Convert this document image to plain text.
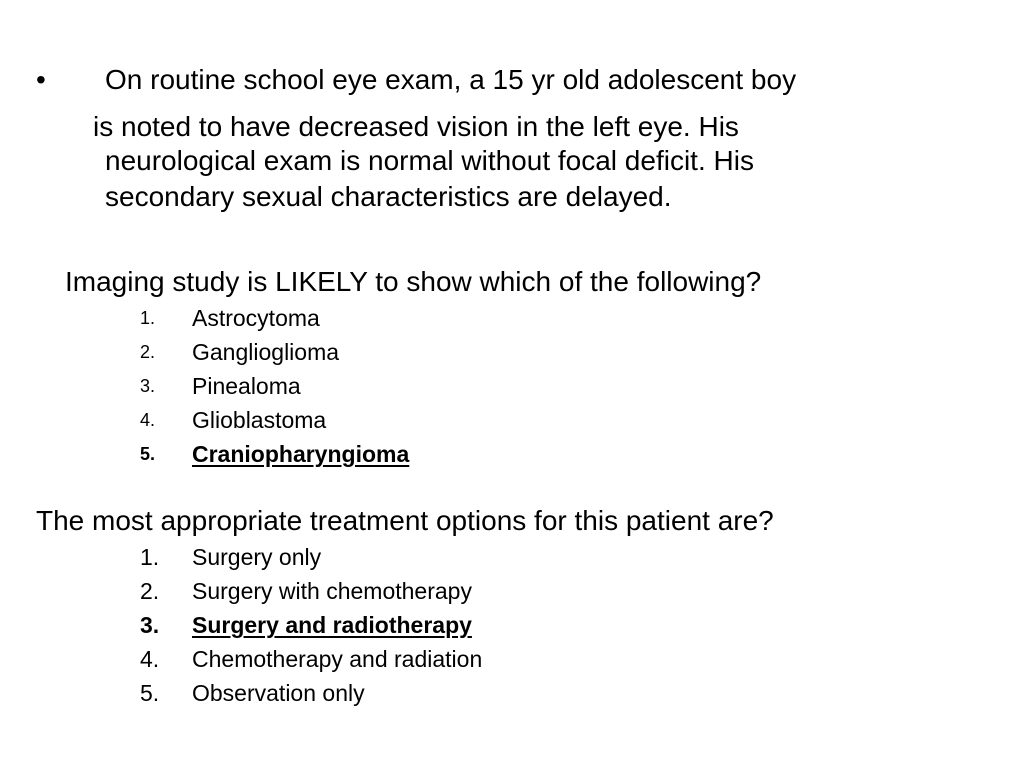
• On routine school eye exam, a 15 yr old adolescent boy
is noted to have decreased vision in the left eye. His
neurological exam is normal without focal deficit. His
secondary sexual characteristics are delayed.
Imaging study is LIKELY to show which of the following?
1. Astrocytoma
2. Ganglioglioma
3. Pinealoma
4. Glioblastoma
5. Craniopharyngioma
The most appropriate treatment options for this patient are?
1. Surgery only
2. Surgery with chemotherapy
3. Surgery and radiotherapy
4. Chemotherapy and radiation
5. Observation only
